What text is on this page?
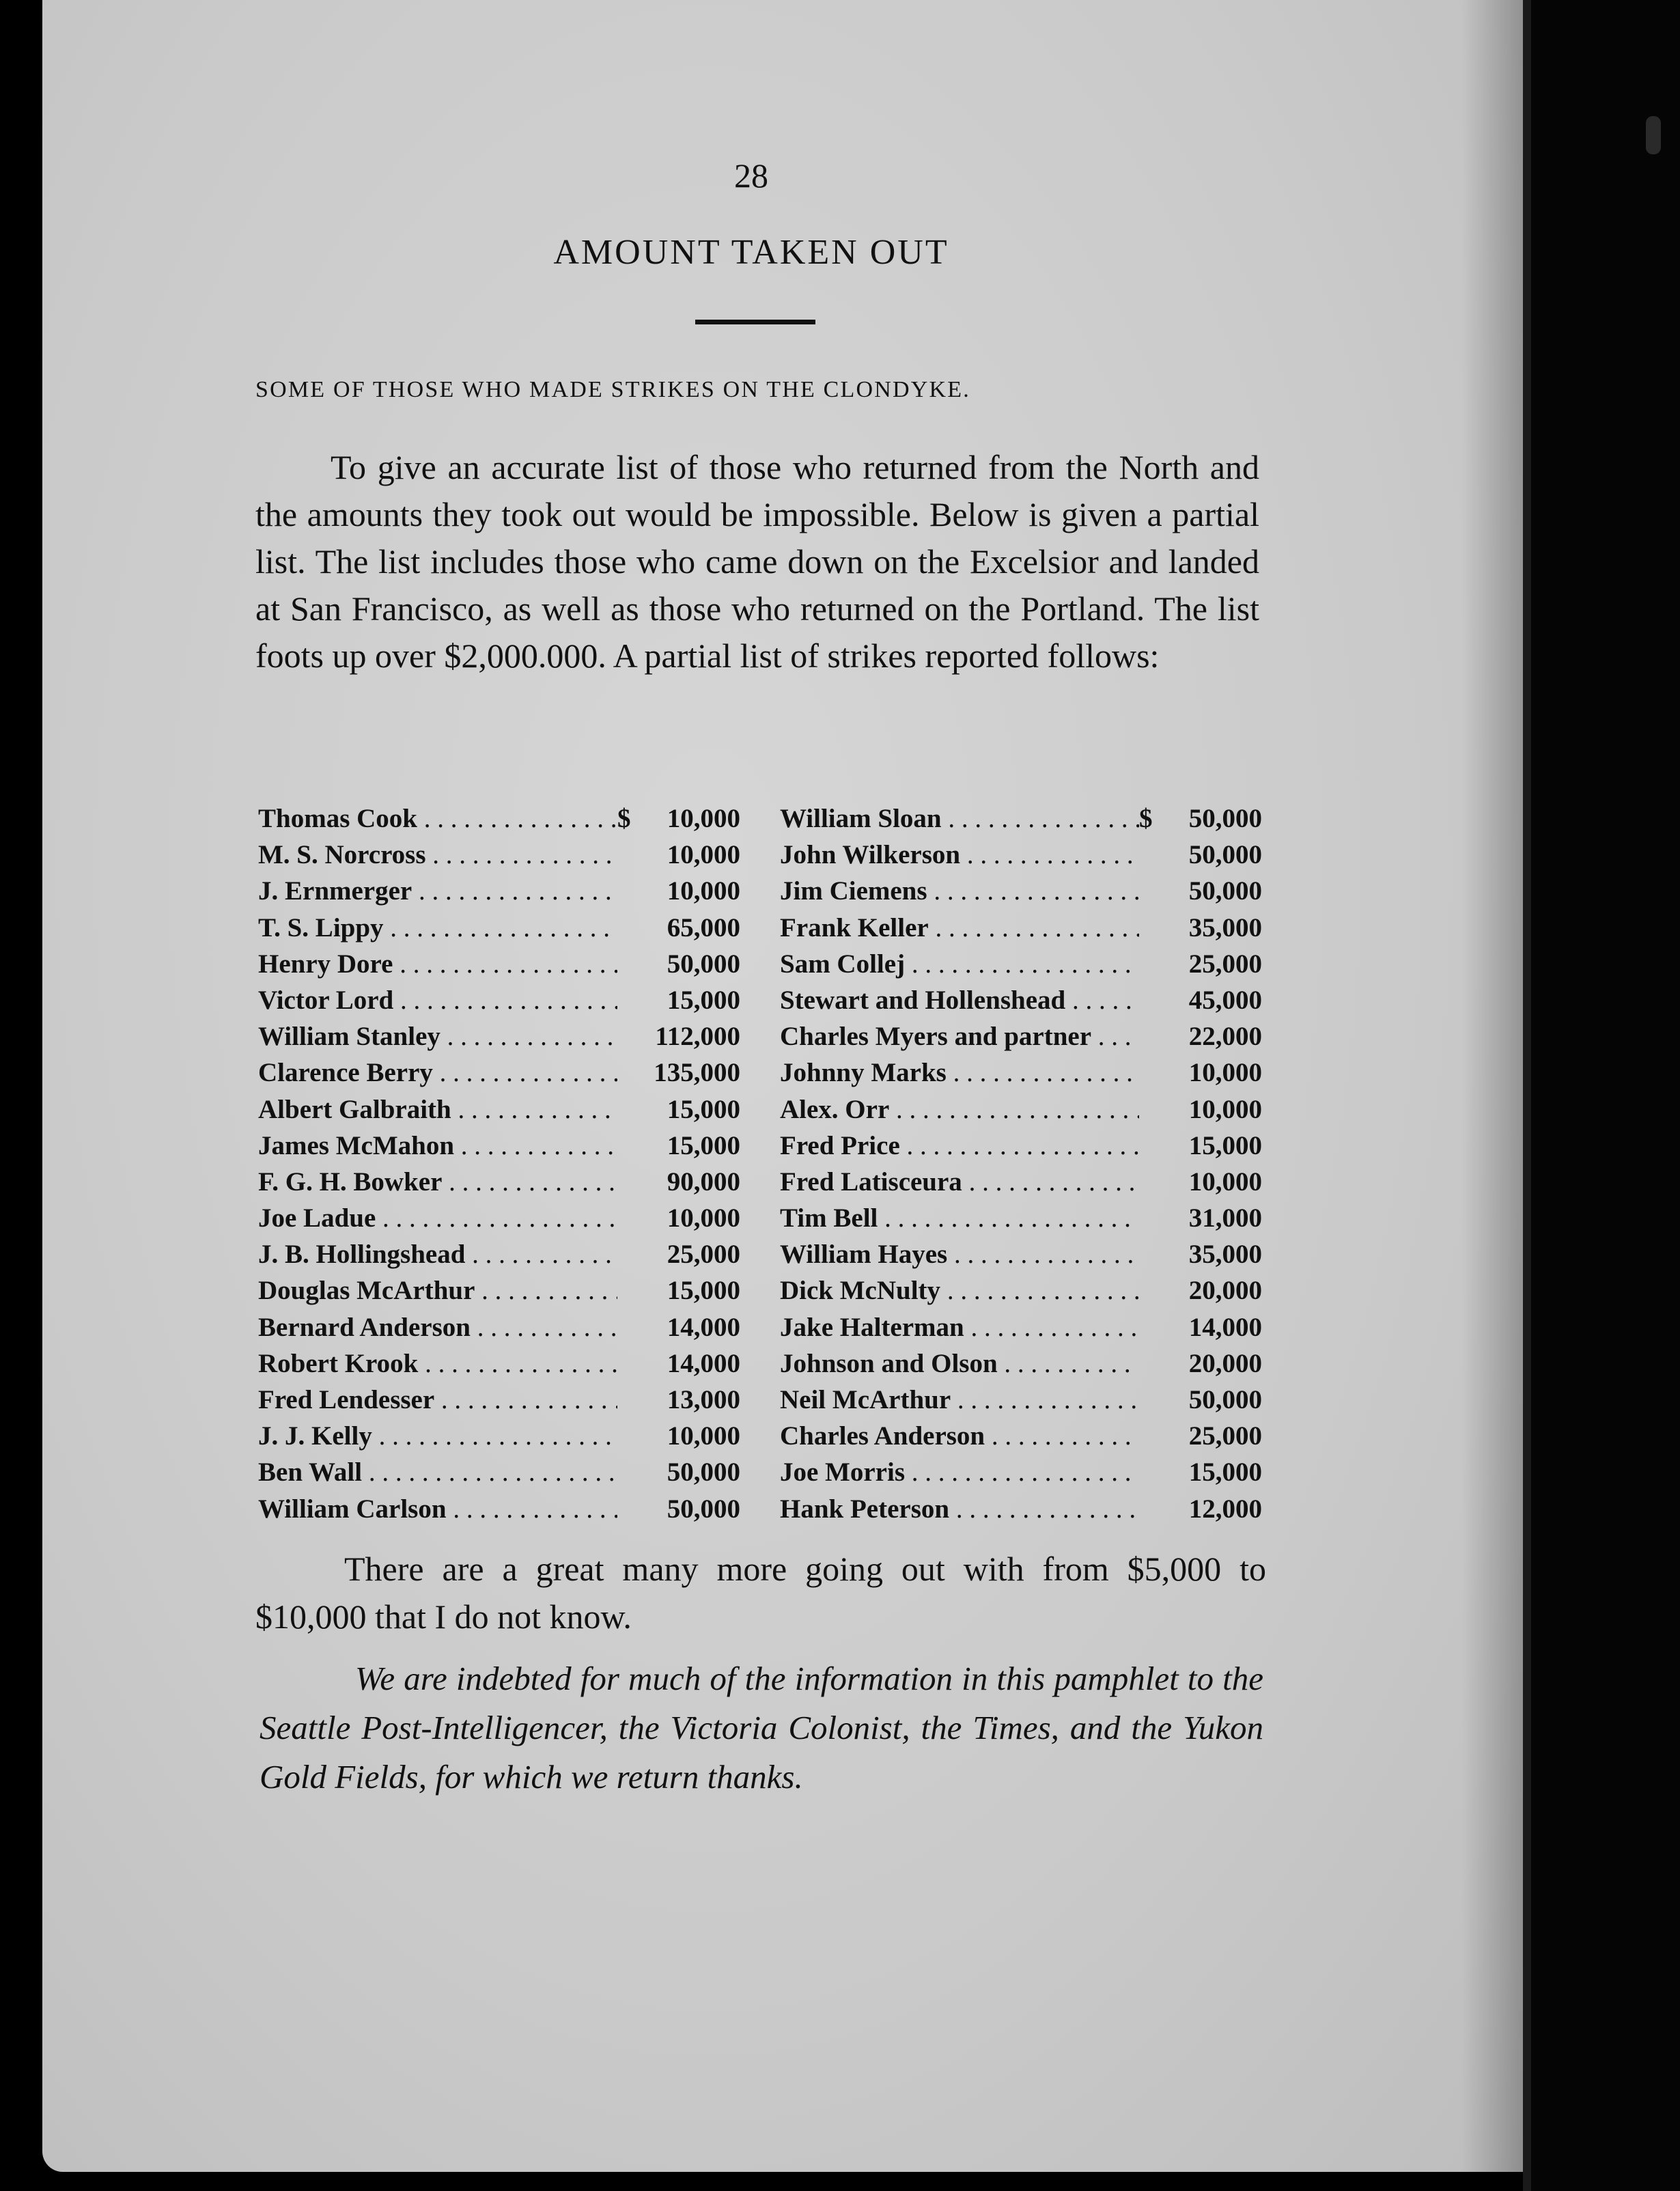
28
AMOUNT TAKEN OUT
SOME OF THOSE WHO MADE STRIKES ON THE CLONDYKE.
To give an accurate list of those who returned from the North and the amounts they took out would be impossible. Below is given a partial list. The list includes those who came down on the Excelsior and landed at San Francisco, as well as those who returned on the Portland. The list foots up over $2,000.000. A partial list of strikes reported follows:
Thomas Cook . . .	$	10,000
M. S. Norcross . . .	10,000
J. Ernmerger . . .	10,000
T. S. Lippy . . .	65,000
Henry Dore . . .	50,000
Victor Lord . . .	15,000
William Stanley . . .	112,000
Clarence Berry . . .	135,000
Albert Galbraith . . .	15,000
James McMahon . . .	15,000
F. G. H. Bowker . . .	90,000
Joe Ladue . . .	10,000
J. B. Hollingshead . . .	25,000
Douglas McArthur . . .	15,000
Bernard Anderson . . .	14,000
Robert Krook . . .	14,000
Fred Lendesser . . .	13,000
J. J. Kelly . . .	10,000
Ben Wall . . .	50,000
William Carlson . . .	50,000
William Sloan . . .	$	50,000
John Wilkerson . . .	50,000
Jim Ciemens . . .	50,000
Frank Keller . . .	35,000
Sam Collej . . .	25,000
Stewart and Hollenshead . . .	45,000
Charles Myers and partner . . .	22,000
Johnny Marks . . .	10,000
Alex. Orr . . .	10,000
Fred Price . . .	15,000
Fred Latisceura . . .	10,000
Tim Bell . . .	31,000
William Hayes . . .	35,000
Dick McNulty . . .	20,000
Jake Halterman . . .	14,000
Johnson and Olson . . .	20,000
Neil McArthur . . .	50,000
Charles Anderson . . .	25,000
Joe Morris . . .	15,000
Hank Peterson . . .	12,000
There are a great many more going out with from $5,000 to $10,000 that I do not know.
We are indebted for much of the information in this pamphlet to the Seattle Post-Intelligencer, the Victoria Colonist, the Times, and the Yukon Gold Fields, for which we return thanks.
